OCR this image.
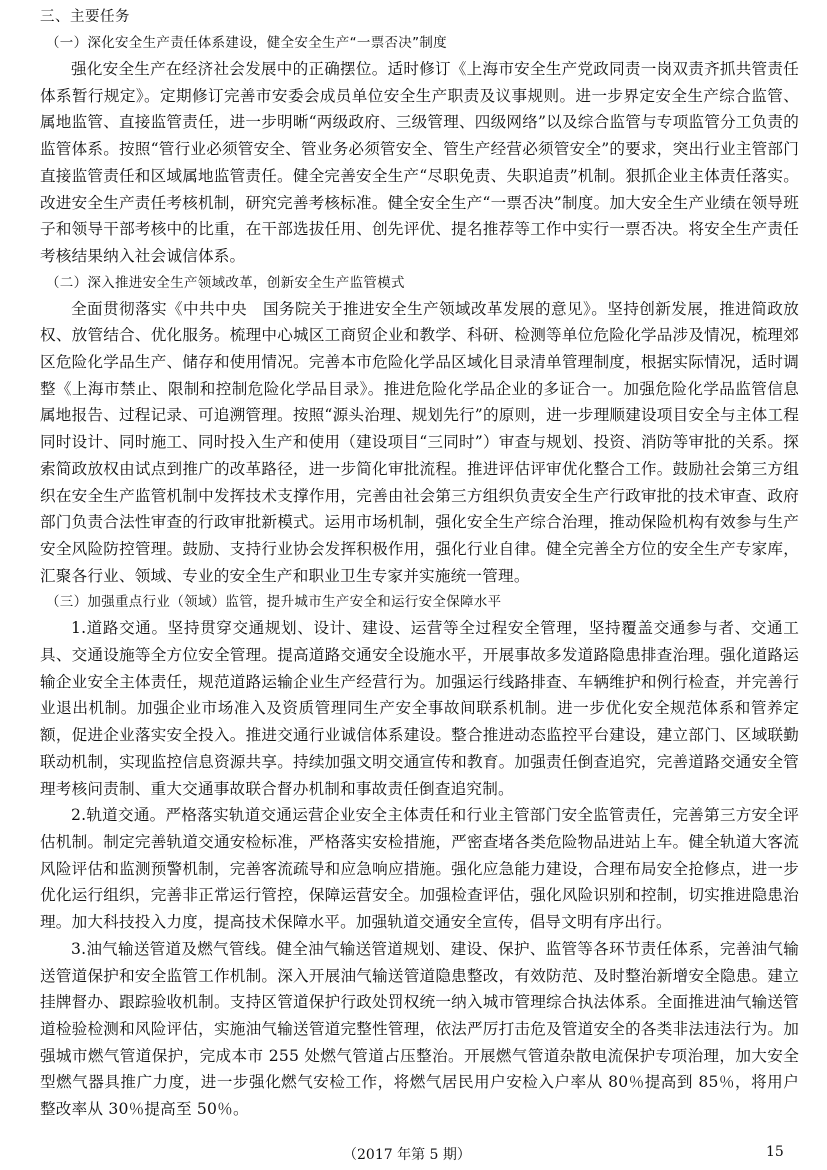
三、主要任务
（一）深化安全生产责任体系建设，健全安全生产“一票否决”制度

强化安全生产在经济社会发展中的正确摆位。适时修订《上海市安全生产党政同责一岗双责齐抓共管责任体系暂行规定》。定期修订完善市安委会成员单位安全生产职责及议事规则。进一步界定安全生产综合监管、属地监管、直接监管责任，进一步明晰“两级政府、三级管理、四级网络”以及综合监管与专项监管分工负责的监管体系。按照“管行业必须管安全、管业务必须管安全、管生产经营必须管安全”的要求，突出行业主管部门直接监管责任和区域属地监管责任。健全完善安全生产“尽职免责、失职追责”机制。狠抓企业主体责任落实。改进安全生产责任考核机制，研究完善考核标准。健全安全生产“一票否决”制度。加大安全生产业绩在领导班子和领导干部考核中的比重，在干部选拔任用、创先评优、提名推荐等工作中实行一票否决。将安全生产责任考核结果纳入社会诚信体系。

（二）深入推进安全生产领域改革，创新安全生产监管模式

全面贯彻落实《中共中央　国务院关于推进安全生产领域改革发展的意见》。坚持创新发展，推进简政放权、放管结合、优化服务。梳理中心城区工商贸企业和教学、科研、检测等单位危险化学品涉及情况，梳理郊区危险化学品生产、储存和使用情况。完善本市危险化学品区域化目录清单管理制度，根据实际情况，适时调整《上海市禁止、限制和控制危险化学品目录》。推进危险化学品企业的多证合一。加强危险化学品监管信息属地报告、过程记录、可追溯管理。按照“源头治理、规划先行”的原则，进一步理顺建设项目安全与主体工程同时设计、同时施工、同时投入生产和使用（建设项目“三同时”）审查与规划、投资、消防等审批的关系。探索简政放权由试点到推广的改革路径，进一步简化审批流程。推进评估评审优化整合工作。鼓励社会第三方组织在安全生产监管机制中发挥技术支撑作用，完善由社会第三方组织负责安全生产行政审批的技术审查、政府部门负责合法性审查的行政审批新模式。运用市场机制，强化安全生产综合治理，推动保险机构有效参与生产安全风险防控管理。鼓励、支持行业协会发挥积极作用，强化行业自律。健全完善全方位的安全生产专家库，汇聚各行业、领域、专业的安全生产和职业卫生专家并实施统一管理。

（三）加强重点行业（领域）监管，提升城市生产安全和运行安全保障水平

1.道路交通。坚持贯穿交通规划、设计、建设、运营等全过程安全管理，坚持覆盖交通参与者、交通工具、交通设施等全方位安全管理。提高道路交通安全设施水平，开展事故多发道路隐患排查治理。强化道路运输企业安全主体责任，规范道路运输企业生产经营行为。加强运行线路排查、车辆维护和例行检查，并完善行业退出机制。加强企业市场准入及资质管理同生产安全事故间联系机制。进一步优化安全规范体系和管养定额，促进企业落实安全投入。推进交通行业诚信体系建设。整合推进动态监控平台建设，建立部门、区域联勤联动机制，实现监控信息资源共享。持续加强文明交通宣传和教育。加强责任倒查追究，完善道路交通安全管理考核问责制、重大交通事故联合督办机制和事故责任倒查追究制。

2.轨道交通。严格落实轨道交通运营企业安全主体责任和行业主管部门安全监管责任，完善第三方安全评估机制。制定完善轨道交通安检标准，严格落实安检措施，严密查堵各类危险物品进站上车。健全轨道大客流风险评估和监测预警机制，完善客流疏导和应急响应措施。强化应急能力建设，合理布局安全抢修点，进一步优化运行组织，完善非正常运行管控，保障运营安全。加强检查评估，强化风险识别和控制，切实推进隐患治理。加大科技投入力度，提高技术保障水平。加强轨道交通安全宣传，倡导文明有序出行。

3.油气输送管道及燃气管线。健全油气输送管道规划、建设、保护、监管等各环节责任体系，完善油气输送管道保护和安全监管工作机制。深入开展油气输送管道隐患整改，有效防范、及时整治新增安全隐患。建立挂牌督办、跟踪验收机制。支持区管道保护行政处罚权统一纳入城市管理综合执法体系。全面推进油气输送管道检验检测和风险评估，实施油气输送管道完整性管理，依法严厉打击危及管道安全的各类非法违法行为。加强城市燃气管道保护，完成本市 255 处燃气管道占压整治。开展燃气管道杂散电流保护专项治理，加大安全型燃气器具推广力度，进一步强化燃气安检工作，将燃气居民用户安检入户率从 80％提高到 85％，将用户整改率从 30％提高至 50％。

（2017 年第 5 期）	15
